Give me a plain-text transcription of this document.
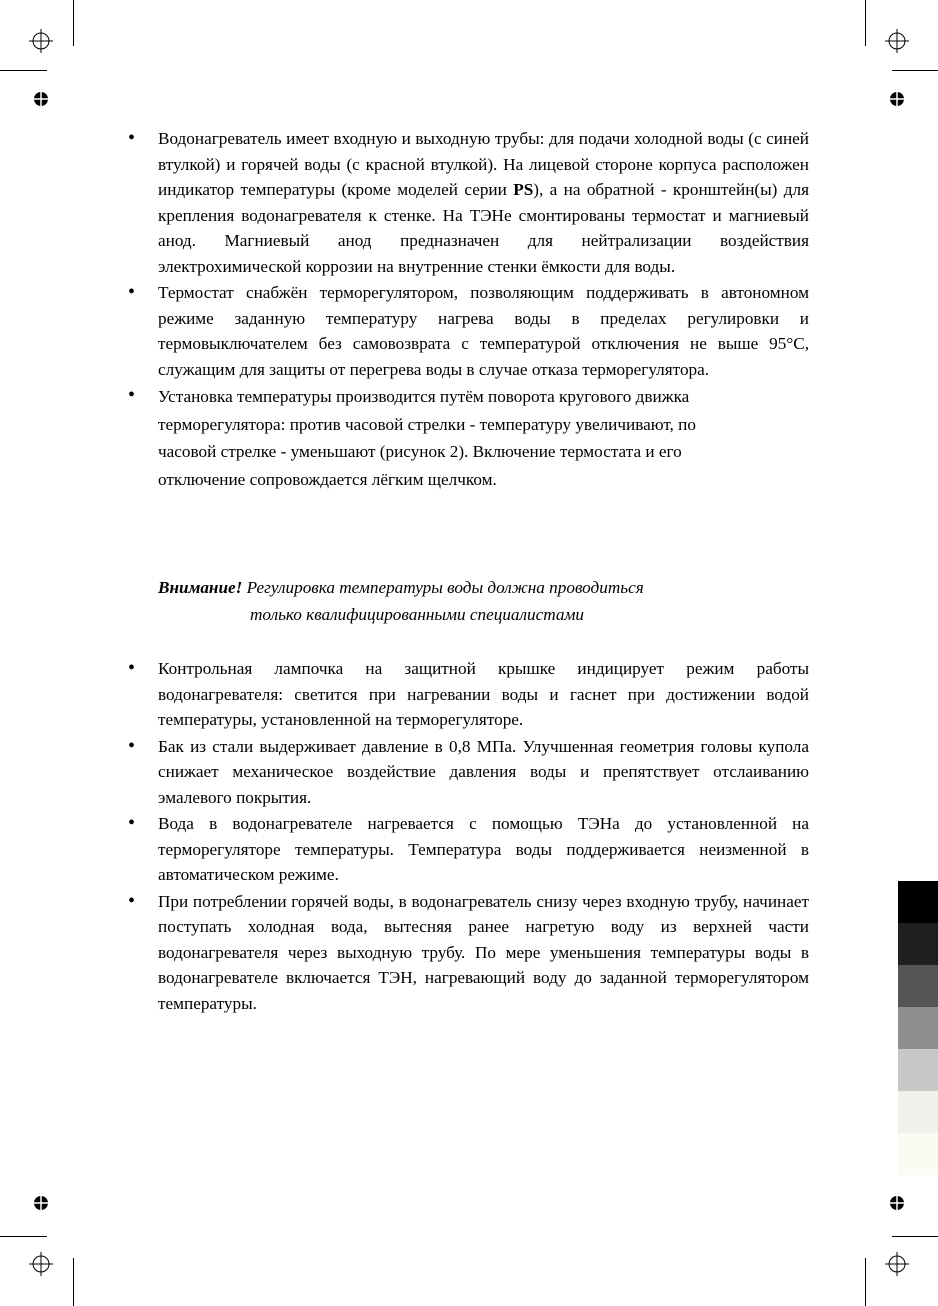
• Водонагреватель имеет входную и выходную трубы: для подачи холодной воды (с синей втулкой) и горячей воды (с красной втулкой). На лицевой стороне корпуса расположен индикатор температуры (кроме моделей серии PS), а на обратной - кронштейн(ы) для крепления водонагревателя к стенке. На ТЭНе смонтированы термостат и магниевый анод. Магниевый анод предназначен для нейтрализации воздействия электрохимической коррозии на внутренние стенки ёмкости для воды.

• Термостат снабжён терморегулятором, позволяющим поддерживать в автономном режиме заданную температуру нагрева воды в пределах регулировки и термовыключателем без самовозврата с температурой отключения не выше 95°С, служащим для защиты от перегрева воды в случае отказа терморегулятора.

• Установка температуры производится путём поворота кругового движка
терморегулятора: против часовой стрелки - температуру увеличивают, по
часовой стрелке - уменьшают (рисунок 2). Включение термостата и его
отключение сопровождается лёгким щелчком.

Внимание! Регулировка температуры воды должна проводиться
только квалифицированными специалистами
• Контрольная лампочка на защитной крышке индицирует режим работы водонагревателя: светится при нагревании воды и гаснет при достижении водой температуры, установленной на терморегуляторе.

• Бак из стали выдерживает давление в 0,8 МПа. Улучшенная геометрия головы купола снижает механическое воздействие давления воды и препятствует отслаиванию эмалевого покрытия.

• Вода в водонагревателе нагревается с помощью ТЭНа до установленной на терморегуляторе температуры. Температура воды поддерживается неизменной в автоматическом режиме.

• При потреблении горячей воды, в водонагреватель снизу через входную трубу, начинает поступать холодная вода, вытесняя ранее нагретую воду из верхней части водонагревателя через выходную трубу. По мере уменьшения температуры воды в водонагревателе включается ТЭН, нагревающий воду до заданной терморегулятором температуры.
